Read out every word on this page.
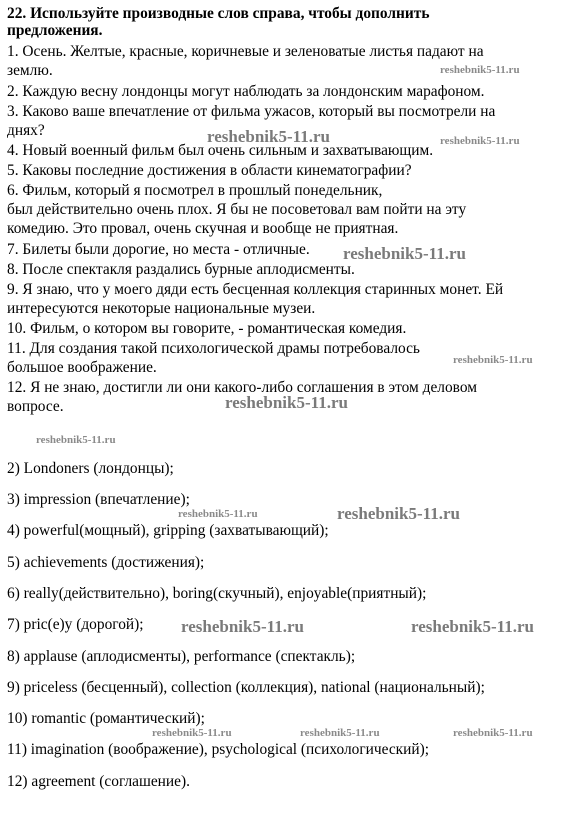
22. Используйте производные слов справа, чтобы дополнить
предложения.
1. Осень. Желтые, красные, коричневые и зеленоватые листья падают на
землю.
2. Каждую весну лондонцы могут наблюдать за лондонским марафоном.
3. Каково ваше впечатление от фильма ужасов, который вы посмотрели на
днях?
4. Новый военный фильм был очень сильным и захватывающим.
5. Каковы последние достижения в области кинематографии?
6. Фильм, который я посмотрел в прошлый понедельник,
был действительно очень плох. Я бы не посоветовал вам пойти на эту
комедию. Это провал, очень скучная и вообще не приятная.
7. Билеты были дорогие, но места - отличные.
8. После спектакля раздались бурные аплодисменты.
9. Я знаю, что у моего дяди есть бесценная коллекция старинных монет. Ей
интересуются некоторые национальные музеи.
10. Фильм, о котором вы говорите, - романтическая комедия.
11. Для создания такой психологической драмы потребовалось
большое воображение.
12. Я не знаю, достигли ли они какого-либо соглашения в этом деловом
вопросе.
2) Londoners (лондонцы);
3) impression (впечатление);
4) powerful(мощный), gripping (захватывающий);
5) achievements (достижения);
6) really(действительно), boring(скучный), enjoyable(приятный);
7) pric(e)y (дорогой);
8) applause (аплодисменты), performance (спектакль);
9) priceless (бесценный), collection (коллекция), national (национальный);
10) romantic (романтический);
11) imagination (воображение), psychological (психологический);
12) agreement (соглашение).
reshebnik5-11.ru
reshebnik5-11.ru	reshebnik5-11.ru
reshebnik5-11.ru
reshebnik5-11.ru
reshebnik5-11.ru
reshebnik5-11.ru
reshebnik5-11.ru	reshebnik5-11.ru
reshebnik5-11.ru	reshebnik5-11.ru
reshebnik5-11.ru	reshebnik5-11.ru	reshebnik5-11.ru
